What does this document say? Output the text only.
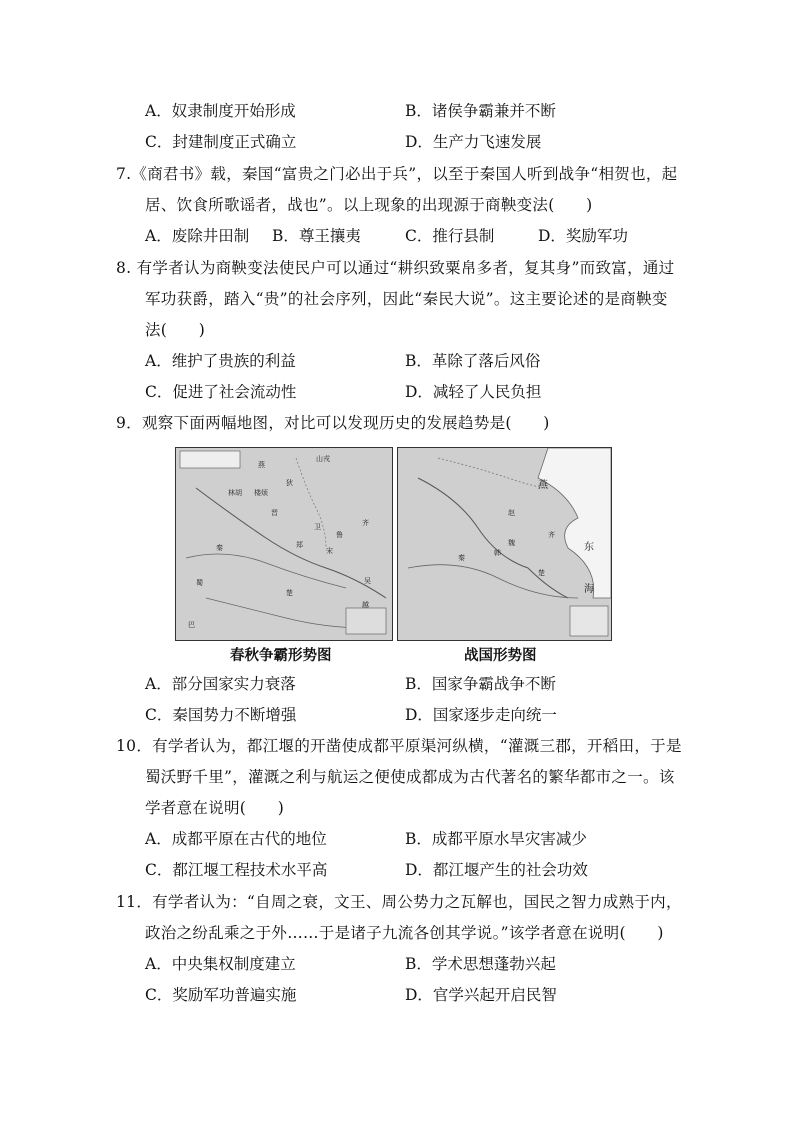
A．奴隶制度开始形成	B．诸侯争霸兼并不断
C．封建制度正式确立	D．生产力飞速发展
7.《商君书》载，秦国“富贵之门必出于兵”，以至于秦国人听到战争“相贺也，起
居、饮食所歌谣者，战也”。以上现象的出现源于商鞅变法(　　)
A．废除井田制 B．尊王攘夷	C．推行县制	D．奖励军功
8. 有学者认为商鞅变法使民户可以通过“耕织致粟帛多者，复其身”而致富，通过
军功获爵，踏入“贵”的社会序列，因此“秦民大说”。这主要论述的是商鞅变
法(　　)
A．维护了贵族的利益	B．革除了落后风俗
C．促进了社会流动性	D．减轻了人民负担
9．观察下面两幅地图，对比可以发现历史的发展趋势是(　　)
燕
山戎
齐
楚
秦
晋
郑
宋
吴
越
鲁
卫
巴
蜀
狄
林胡 楼烦
春秋争霸形势图
燕
东
海
赵
齐
楚
韩
魏
秦
战国形势图
A．部分国家实力衰落	B．国家争霸战争不断
C．秦国势力不断增强	D．国家逐步走向统一
10．有学者认为，都江堰的开凿使成都平原渠河纵横，“灌溉三郡，开稻田，于是
蜀沃野千里”，灌溉之利与航运之便使成都成为古代著名的繁华都市之一。该
学者意在说明(　　)
A．成都平原在古代的地位	B．成都平原水旱灾害减少
C．都江堰工程技术水平高	D．都江堰产生的社会功效
11．有学者认为：“自周之衰，文王、周公势力之瓦解也，国民之智力成熟于内，
政治之纷乱乘之于外……于是诸子九流各创其学说。”该学者意在说明(　　)
A．中央集权制度建立	B．学术思想蓬勃兴起
C．奖励军功普遍实施	D．官学兴起开启民智
